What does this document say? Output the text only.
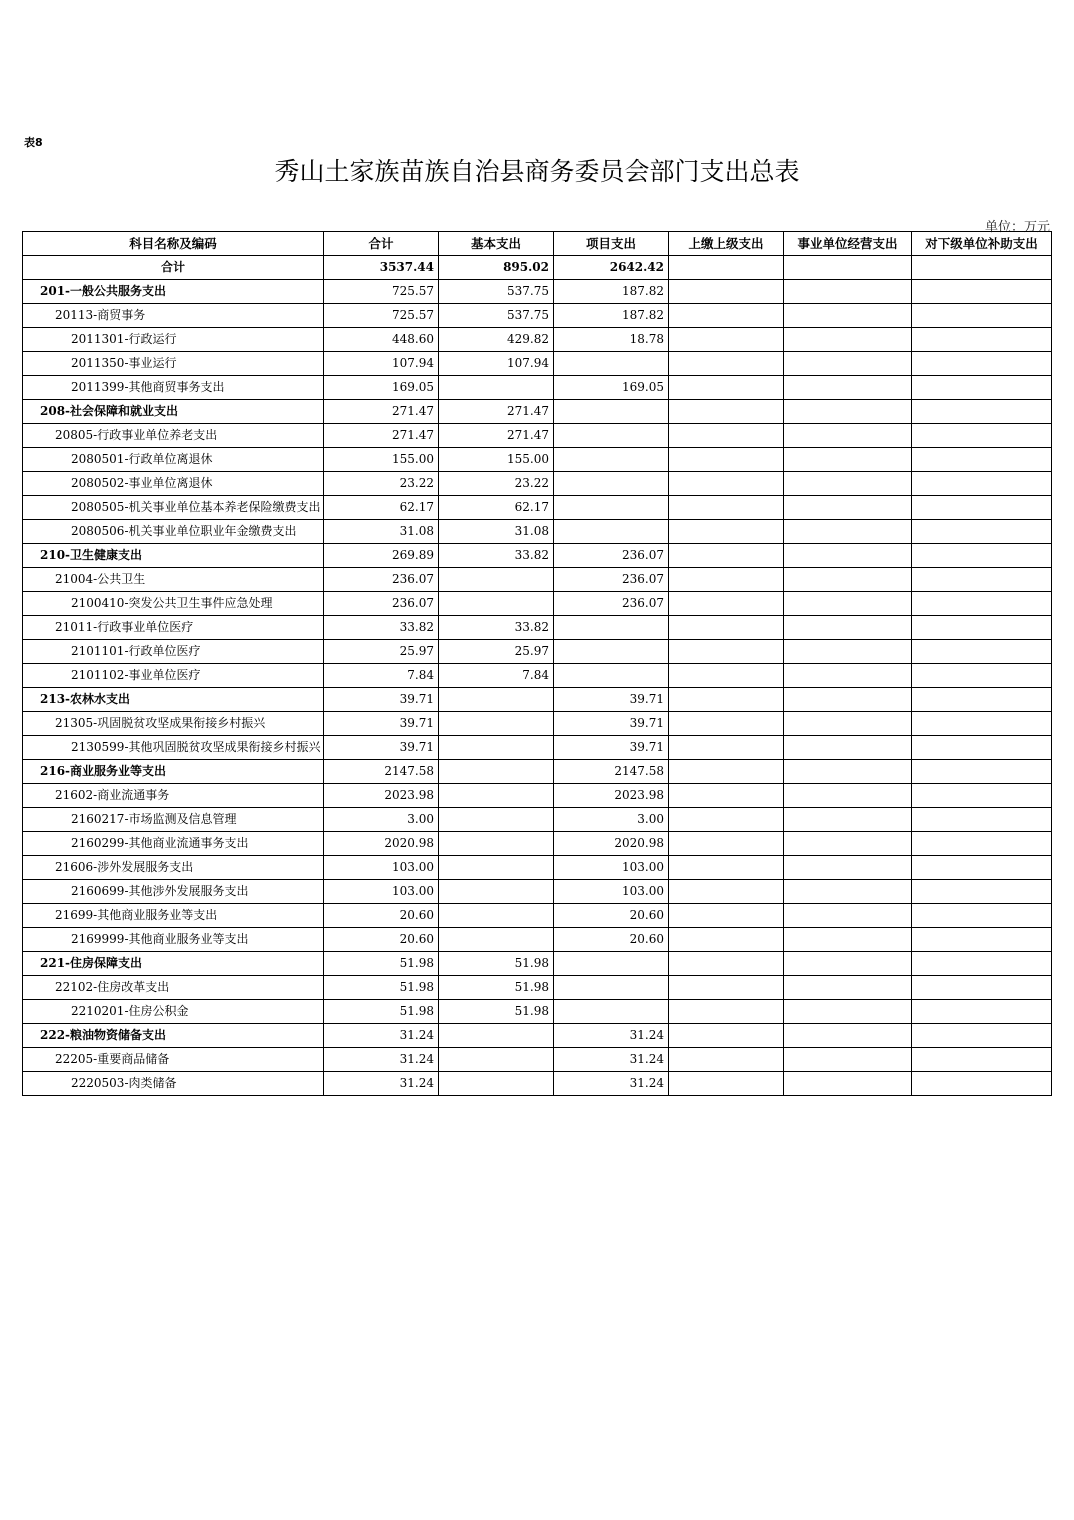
表8
秀山土家族苗族自治县商务委员会部门支出总表
单位：万元
科目名称及编码	合计	基本支出	项目支出	上缴上级支出	事业单位经营支出	对下级单位补助支出
合计	3537.44	895.02	2642.42			
201-一般公共服务支出	725.57	537.75	187.82			
20113-商贸事务	725.57	537.75	187.82			
2011301-行政运行	448.60	429.82	18.78			
2011350-事业运行	107.94	107.94				
2011399-其他商贸事务支出	169.05		169.05			
208-社会保障和就业支出	271.47	271.47				
20805-行政事业单位养老支出	271.47	271.47				
2080501-行政单位离退休	155.00	155.00				
2080502-事业单位离退休	23.22	23.22				
2080505-机关事业单位基本养老保险缴费支出	62.17	62.17				
2080506-机关事业单位职业年金缴费支出	31.08	31.08				
210-卫生健康支出	269.89	33.82	236.07			
21004-公共卫生	236.07		236.07			
2100410-突发公共卫生事件应急处理	236.07		236.07			
21011-行政事业单位医疗	33.82	33.82				
2101101-行政单位医疗	25.97	25.97				
2101102-事业单位医疗	7.84	7.84				
213-农林水支出	39.71		39.71			
21305-巩固脱贫攻坚成果衔接乡村振兴	39.71		39.71			
2130599-其他巩固脱贫攻坚成果衔接乡村振兴	39.71		39.71			
216-商业服务业等支出	2147.58		2147.58			
21602-商业流通事务	2023.98		2023.98			
2160217-市场监测及信息管理	3.00		3.00			
2160299-其他商业流通事务支出	2020.98		2020.98			
21606-涉外发展服务支出	103.00		103.00			
2160699-其他涉外发展服务支出	103.00		103.00			
21699-其他商业服务业等支出	20.60		20.60			
2169999-其他商业服务业等支出	20.60		20.60			
221-住房保障支出	51.98	51.98				
22102-住房改革支出	51.98	51.98				
2210201-住房公积金	51.98	51.98				
222-粮油物资储备支出	31.24		31.24			
22205-重要商品储备	31.24		31.24			
2220503-肉类储备	31.24		31.24			
